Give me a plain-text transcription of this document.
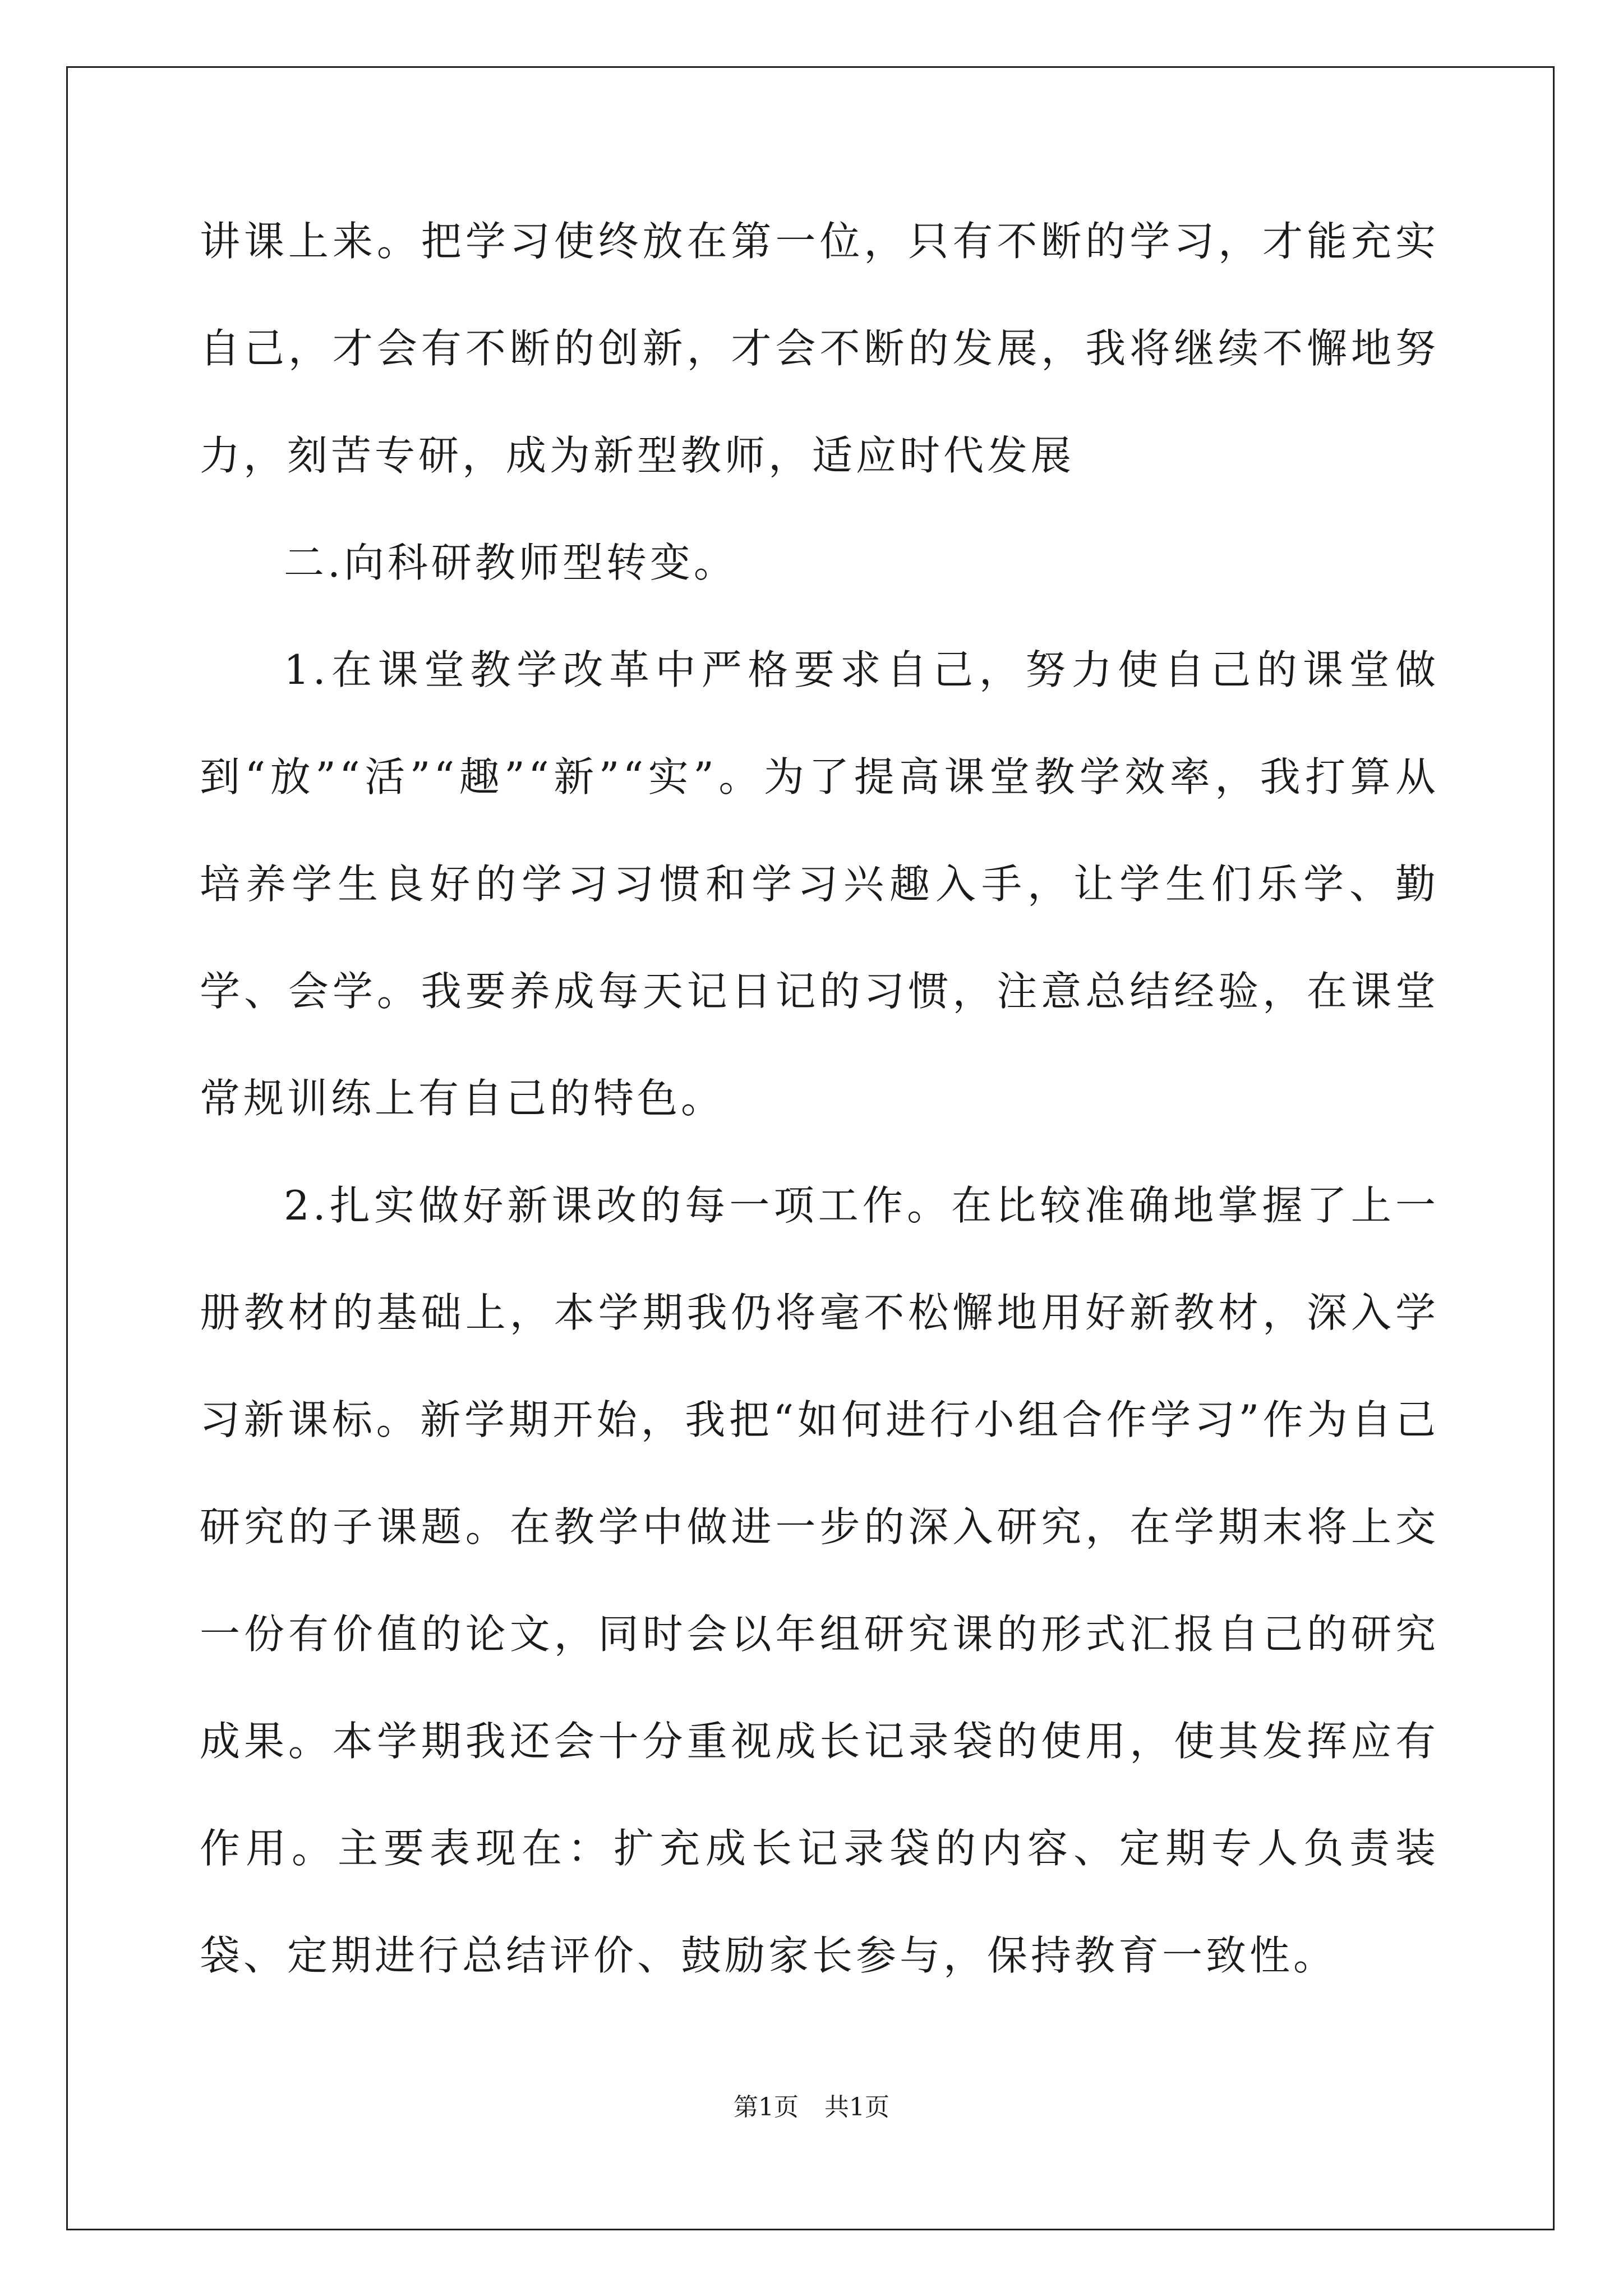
讲课上来。把学习使终放在第一位，只有不断的学习，才能充实自己，才会有不断的创新，才会不断的发展，我将继续不懈地努力，刻苦专研，成为新型教师，适应时代发展

二.向科研教师型转变。

1.在课堂教学改革中严格要求自己，努力使自己的课堂做到“放”“活”“趣”“新”“实”。为了提高课堂教学效率，我打算从培养学生良好的学习习惯和学习兴趣入手，让学生们乐学、勤学、会学。我要养成每天记日记的习惯，注意总结经验，在课堂常规训练上有自己的特色。

2.扎实做好新课改的每一项工作。在比较准确地掌握了上一册教材的基础上，本学期我仍将毫不松懈地用好新教材，深入学习新课标。新学期开始，我把“如何进行小组合作学习”作为自己研究的子课题。在教学中做进一步的深入研究，在学期末将上交一份有价值的论文，同时会以年组研究课的形式汇报自己的研究成果。本学期我还会十分重视成长记录袋的使用，使其发挥应有作用。主要表现在：扩充成长记录袋的内容、定期专人负责装袋、定期进行总结评价、鼓励家长参与，保持教育一致性。

第1页 共1页
